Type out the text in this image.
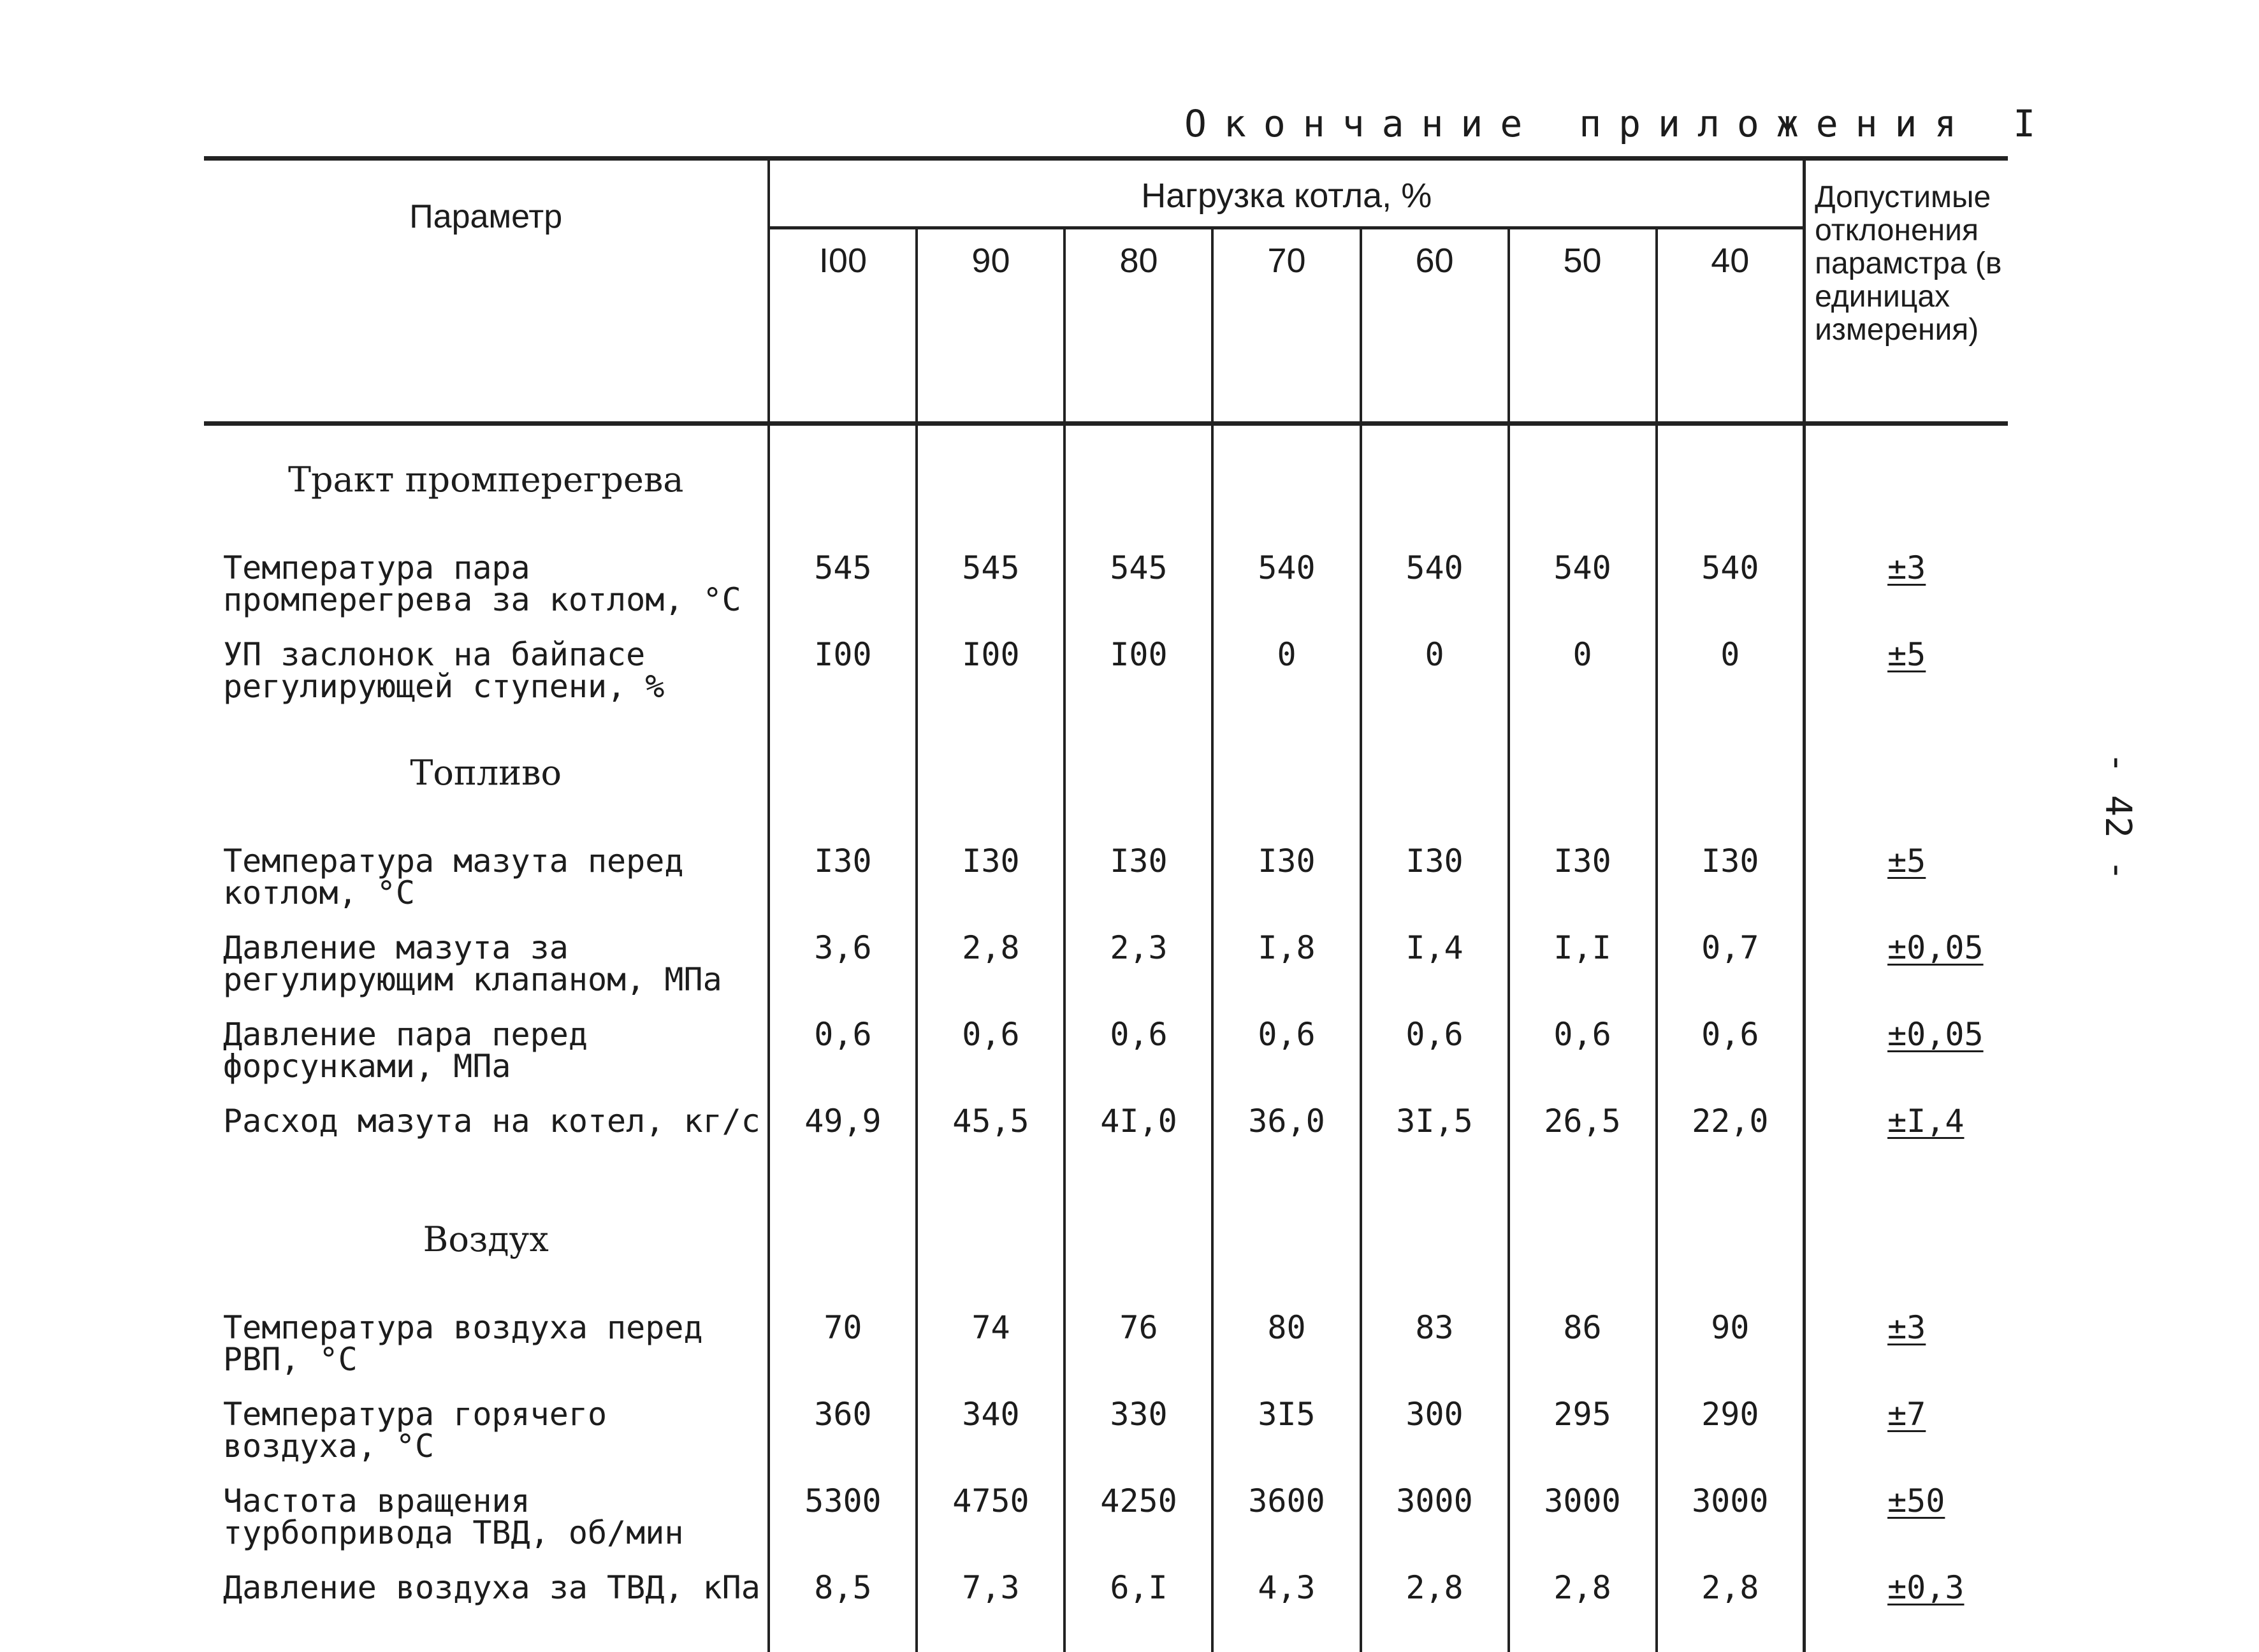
Окончание приложения I
- 42 -
Параметр	Нагрузка котла, %							Допустимые отклонения парамстра (в единицах измерения)
	I00	90	80	70	60	50	40	
Тракт промперегрева								
Температура пара промперегрева за котлом, °С	545	545	545	540	540	540	540	±3
УП заслонок на байпасе регулирующей ступени, %	I00	I00	I00	0	0	0	0	±5
Топливо								
Температура мазута перед котлом, °С	I30	I30	I30	I30	I30	I30	I30	±5
Давление мазута за регулирующим клапаном, МПа	3,6	2,8	2,3	I,8	I,4	I,I	0,7	±0,05
Давление пара перед форсунками, МПа	0,6	0,6	0,6	0,6	0,6	0,6	0,6	±0,05
Расход мазута на котел, кг/с	49,9	45,5	4I,0	36,0	3I,5	26,5	22,0	±I,4
Воздух								
Температура воздуха перед РВП, °С	70	74	76	80	83	86	90	±3
Температура горячего воздуха, °С	360	340	330	3I5	300	295	290	±7
Частота вращения турбопривода ТВД, об/мин	5300	4750	4250	3600	3000	3000	3000	±50
Давление воздуха за ТВД, кПа	8,5	7,3	6,I	4,3	2,8	2,8	2,8	±0,3
